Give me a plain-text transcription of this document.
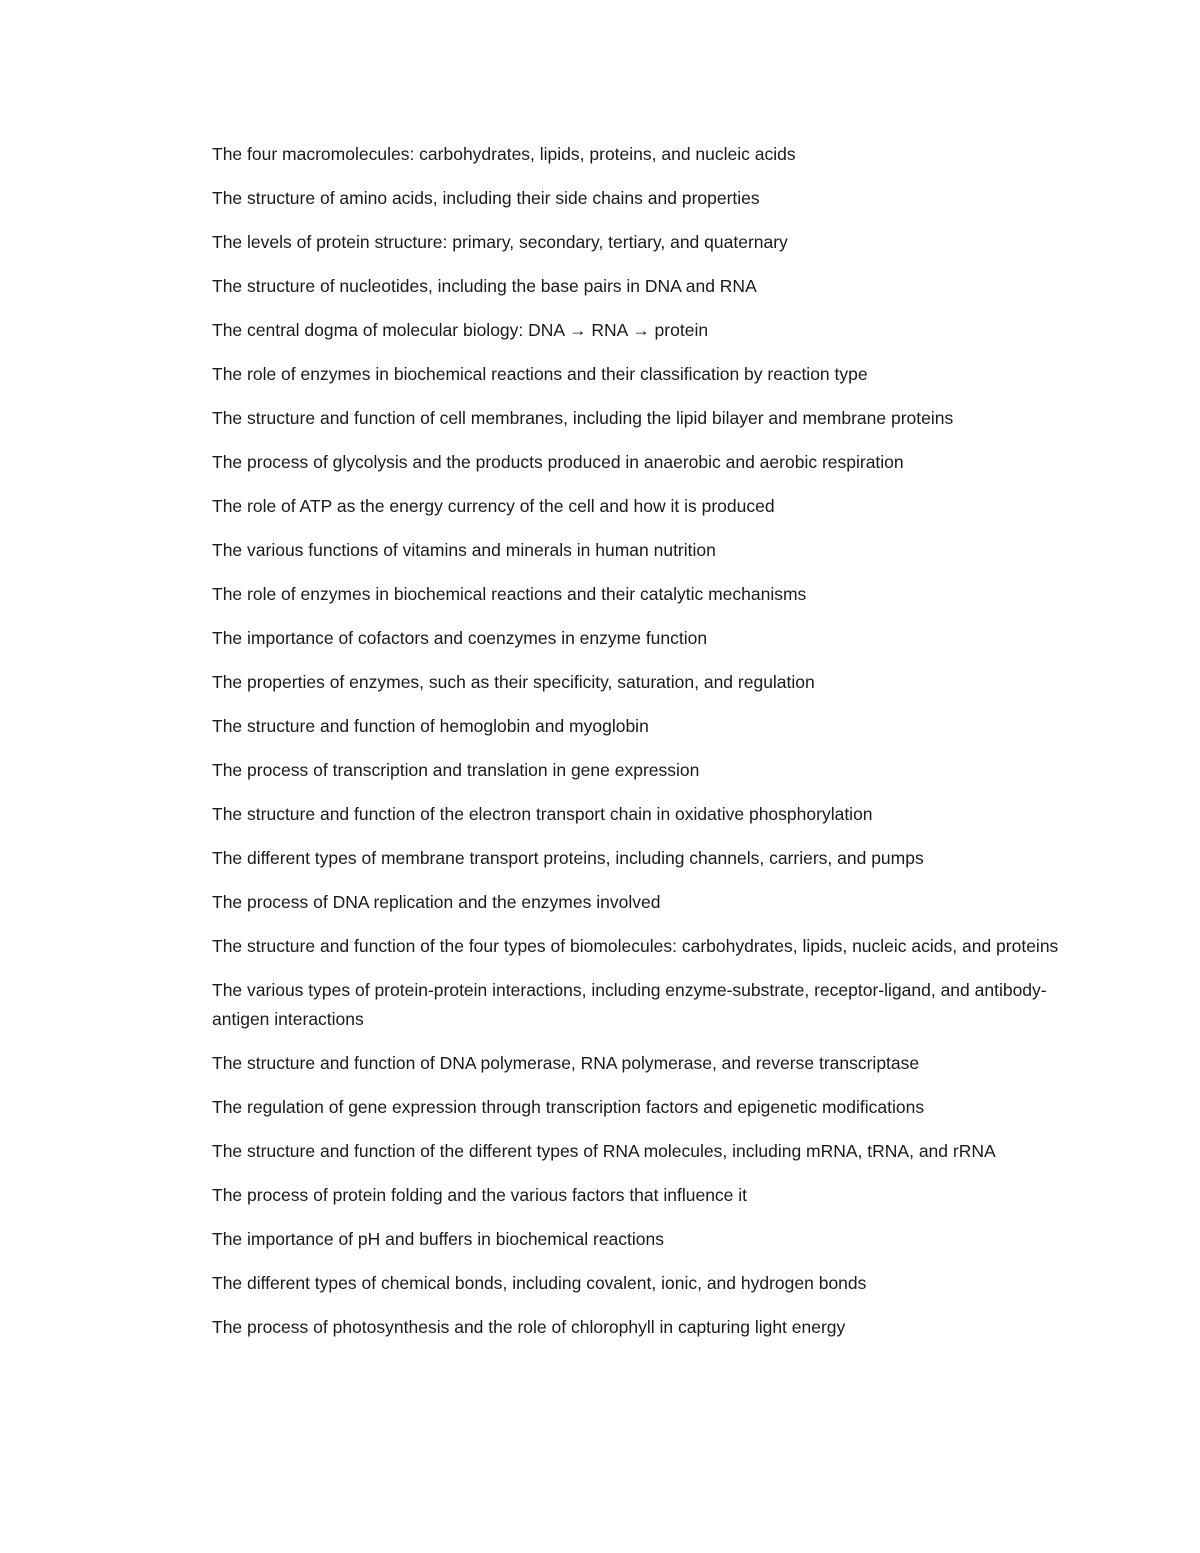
The four macromolecules: carbohydrates, lipids, proteins, and nucleic acids

The structure of amino acids, including their side chains and properties

The levels of protein structure: primary, secondary, tertiary, and quaternary

The structure of nucleotides, including the base pairs in DNA and RNA

The central dogma of molecular biology: DNA → RNA → protein

The role of enzymes in biochemical reactions and their classification by reaction type

The structure and function of cell membranes, including the lipid bilayer and membrane proteins

The process of glycolysis and the products produced in anaerobic and aerobic respiration

The role of ATP as the energy currency of the cell and how it is produced

The various functions of vitamins and minerals in human nutrition

The role of enzymes in biochemical reactions and their catalytic mechanisms

The importance of cofactors and coenzymes in enzyme function

The properties of enzymes, such as their specificity, saturation, and regulation

The structure and function of hemoglobin and myoglobin

The process of transcription and translation in gene expression

The structure and function of the electron transport chain in oxidative phosphorylation

The different types of membrane transport proteins, including channels, carriers, and pumps

The process of DNA replication and the enzymes involved

The structure and function of the four types of biomolecules: carbohydrates, lipids, nucleic acids, and proteins

The various types of protein-protein interactions, including enzyme-substrate, receptor-ligand, and antibody-antigen interactions

The structure and function of DNA polymerase, RNA polymerase, and reverse transcriptase

The regulation of gene expression through transcription factors and epigenetic modifications

The structure and function of the different types of RNA molecules, including mRNA, tRNA, and rRNA

The process of protein folding and the various factors that influence it

The importance of pH and buffers in biochemical reactions

The different types of chemical bonds, including covalent, ionic, and hydrogen bonds

The process of photosynthesis and the role of chlorophyll in capturing light energy
